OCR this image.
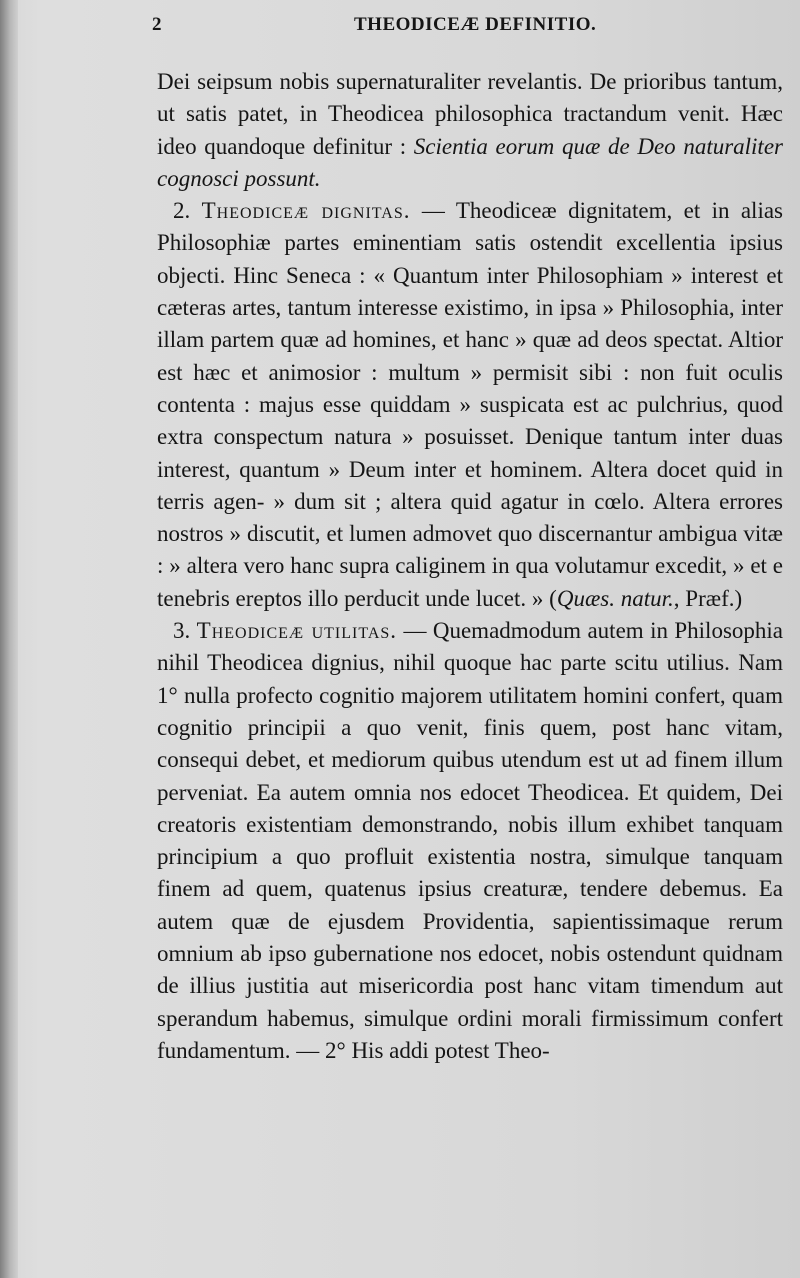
2	THEODICEÆ DEFINITIO.

Dei seipsum nobis supernaturaliter revelantis. De prioribus tantum, ut satis patet, in Theodicea philosophica tractandum venit. Hæc ideo quandoque definitur : Scientia eorum quæ de Deo naturaliter cognosci possunt.

2. Theodiceæ dignitas. — Theodiceæ dignitatem, et in alias Philosophiæ partes eminentiam satis ostendit excellentia ipsius objecti. Hinc Seneca : « Quantum inter Philosophiam » interest et cæteras artes, tantum interesse existimo, in ipsa » Philosophia, inter illam partem quæ ad homines, et hanc » quæ ad deos spectat. Altior est hæc et animosior : multum » permisit sibi : non fuit oculis contenta : majus esse quiddam » suspicata est ac pulchrius, quod extra conspectum natura » posuisset. Denique tantum inter duas interest, quantum » Deum inter et hominem. Altera docet quid in terris agen- » dum sit ; altera quid agatur in cœlo. Altera errores nostros » discutit, et lumen admovet quo discernantur ambigua vitæ : » altera vero hanc supra caliginem in qua volutamur excedit, » et e tenebris ereptos illo perducit unde lucet. » (Quæs. natur., Præf.)

3. Theodiceæ utilitas. — Quemadmodum autem in Philosophia nihil Theodicea dignius, nihil quoque hac parte scitu utilius. Nam 1° nulla profecto cognitio majorem utilitatem homini confert, quam cognitio principii a quo venit, finis quem, post hanc vitam, consequi debet, et mediorum quibus utendum est ut ad finem illum perveniat. Ea autem omnia nos edocet Theodicea. Et quidem, Dei creatoris existentiam demonstrando, nobis illum exhibet tanquam principium a quo profluit existentia nostra, simulque tanquam finem ad quem, quatenus ipsius creaturæ, tendere debemus. Ea autem quæ de ejusdem Providentia, sapientissimaque rerum omnium ab ipso gubernatione nos edocet, nobis ostendunt quidnam de illius justitia aut misericordia post hanc vitam timendum aut sperandum habemus, simulque ordini morali firmissimum confert fundamentum. — 2° His addi potest Theo-
